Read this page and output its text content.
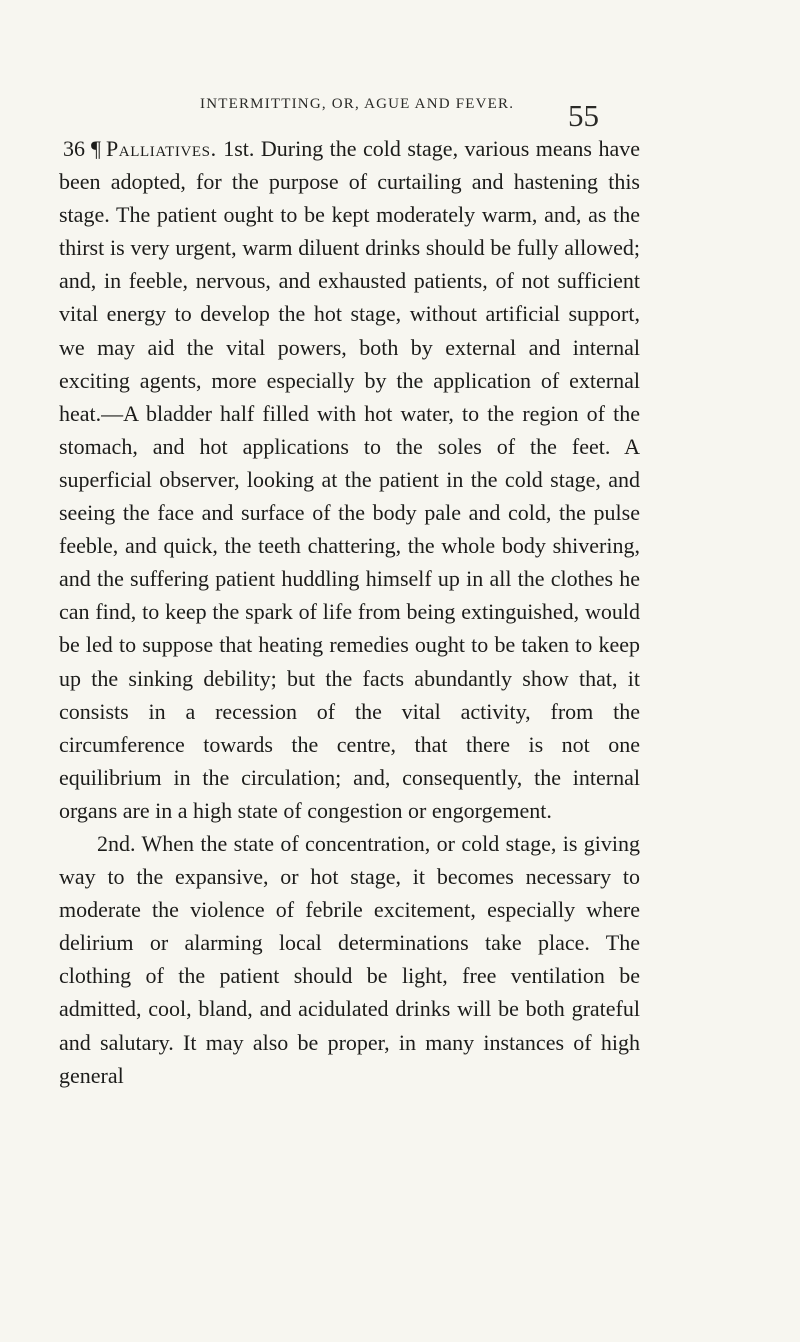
INTERMITTING, OR, AGUE AND FEVER.	55

36 ¶ Palliatives. 1st. During the cold stage, various means have been adopted, for the purpose of curtailing and hastening this stage. The patient ought to be kept moderately warm, and, as the thirst is very urgent, warm diluent drinks should be fully allowed; and, in feeble, nervous, and exhausted patients, of not sufficient vital energy to develop the hot stage, without artificial support, we may aid the vital powers, both by external and internal exciting agents, more especially by the application of external heat.—A bladder half filled with hot water, to the region of the stomach, and hot applications to the soles of the feet. A superficial observer, looking at the patient in the cold stage, and seeing the face and surface of the body pale and cold, the pulse feeble, and quick, the teeth chattering, the whole body shivering, and the suffering patient huddling himself up in all the clothes he can find, to keep the spark of life from being extinguished, would be led to suppose that heating remedies ought to be taken to keep up the sinking debility; but the facts abundantly show that, it consists in a recession of the vital activity, from the circumference towards the centre, that there is not one equilibrium in the circulation; and, consequently, the internal organs are in a high state of congestion or engorgement.

2nd. When the state of concentration, or cold stage, is giving way to the expansive, or hot stage, it becomes necessary to moderate the violence of febrile excitement, especially where delirium or alarming local determinations take place. The clothing of the patient should be light, free ventilation be admitted, cool, bland, and acidulated drinks will be both grateful and salutary. It may also be proper, in many instances of high general
